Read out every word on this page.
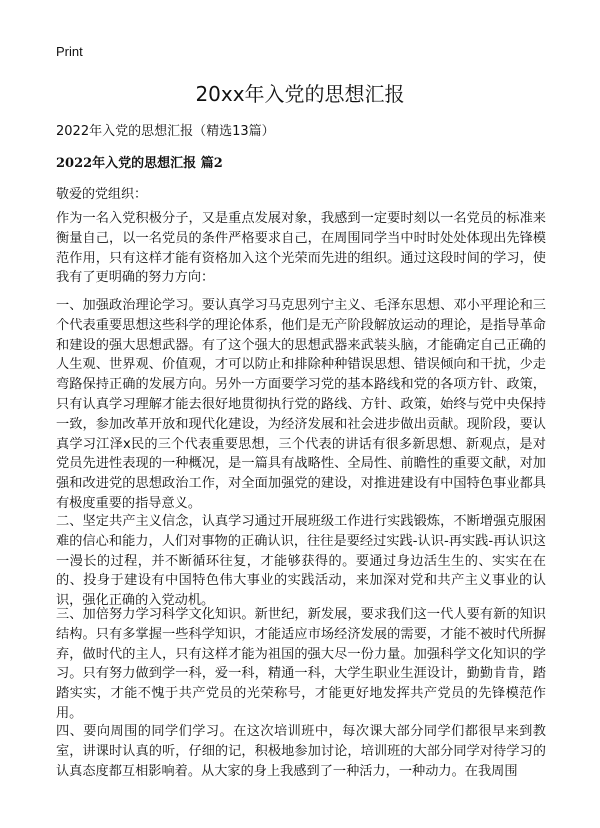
Print
20xx年入党的思想汇报
2022年入党的思想汇报（精选13篇）
2022年入党的思想汇报 篇2
敬爱的党组织：
作为一名入党积极分子，又是重点发展对象，我感到一定要时刻以一名党员的标准来衡量自己，以一名党员的条件严格要求自己，在周围同学当中时时处处体现出先锋模范作用，只有这样才能有资格加入这个光荣而先进的组织。通过这段时间的学习，使我有了更明确的努力方向：
一、加强政治理论学习。要认真学习马克思列宁主义、毛泽东思想、邓小平理论和三个代表重要思想这些科学的理论体系，他们是无产阶段解放运动的理论，是指导革命和建设的强大思想武器。有了这个强大的思想武器来武装头脑，才能确定自己正确的人生观、世界观、价值观，才可以防止和排除种种错误思想、错误倾向和干扰，少走弯路保持正确的发展方向。另外一方面要学习党的基本路线和党的各项方针、政策，只有认真学习理解才能去很好地贯彻执行党的路线、方针、政策，始终与党中央保持一致，参加改革开放和现代化建设，为经济发展和社会进步做出贡献。现阶段，要认真学习江泽x民的三个代表重要思想，三个代表的讲话有很多新思想、新观点，是对党员先进性表现的一种概况，是一篇具有战略性、全局性、前瞻性的重要文献，对加强和改进党的思想政治工作，对全面加强党的建设，对推进建设有中国特色事业都具有极度重要的指导意义。
二、坚定共产主义信念，认真学习通过开展班级工作进行实践锻炼，不断增强克服困难的信心和能力，人们对事物的正确认识，往往是要经过实践-认识-再实践-再认识这一漫长的过程，并不断循环往复，才能够获得的。要通过身边活生生的、实实在在的、投身于建设有中国特色伟大事业的实践活动，来加深对党和共产主义事业的认识，强化正确的入党动机。
三、加倍努力学习科学文化知识。新世纪，新发展，要求我们这一代人要有新的知识结构。只有多掌握一些科学知识，才能适应市场经济发展的需要，才能不被时代所摒弃，做时代的主人，只有这样才能为祖国的强大尽一份力量。加强科学文化知识的学习。只有努力做到学一科，爱一科，精通一科，大学生职业生涯设计，勤勤肯肯，踏踏实实，才能不愧于共产党员的光荣称号，才能更好地发挥共产党员的先锋模范作用。
四、要向周围的同学们学习。在这次培训班中，每次课大部分同学们都很早来到教室，讲课时认真的听，仔细的记，积极地参加讨论，培训班的大部分同学对待学习的认真态度都互相影响着。从大家的身上我感到了一种活力，一种动力。在我周围
